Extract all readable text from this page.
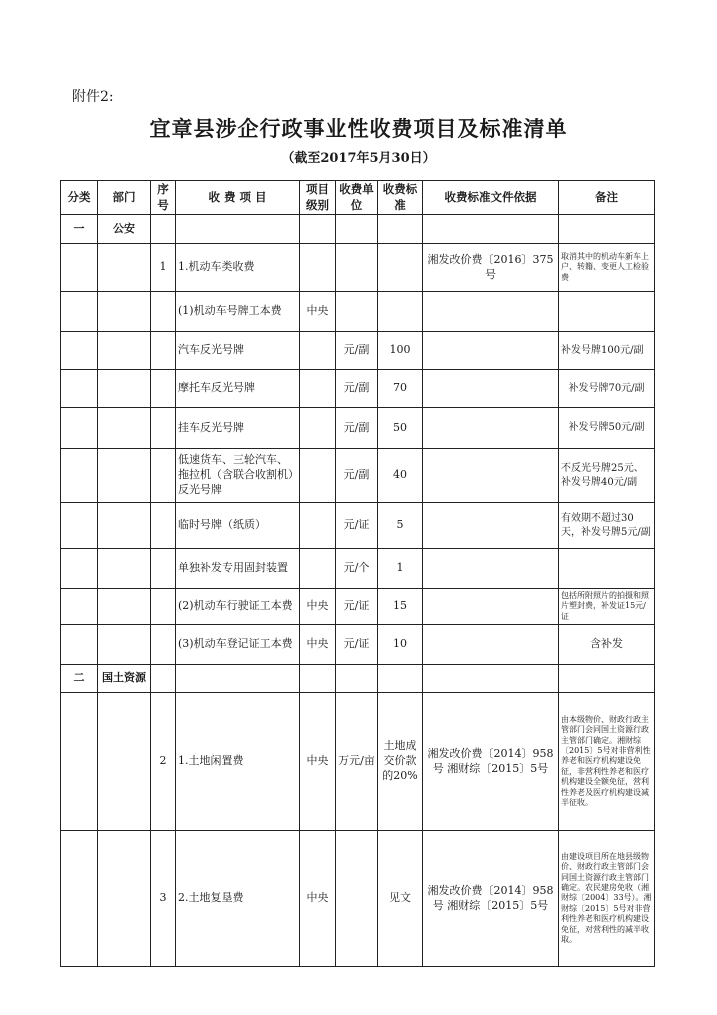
附件2:
宜章县涉企行政事业性收费项目及标准清单
（截至2017年5月30日）
分类	部门	序号	收 费 项 目	项目级别	收费单位	收费标准	收费标准文件依据	备注
一	公安							
		1	1.机动车类收费				湘发改价费〔2016〕375号	取消其中的机动车新车上户、转籍、变更人工检验费
			(1)机动车号牌工本费	中央				
			汽车反光号牌		元/副	100		补发号牌100元/副
			摩托车反光号牌		元/副	70		补发号牌70元/副
			挂车反光号牌		元/副	50		补发号牌50元/副
			低速货车、三轮汽车、拖拉机（含联合收割机）反光号牌		元/副	40		不反光号牌25元、补发号牌40元/副
			临时号牌（纸质）		元/证	5		有效期不超过30天，补发号牌5元/副
			单独补发专用固封装置		元/个	1		
			(2)机动车行驶证工本费	中央	元/证	15		包括所附照片的拍摄和照片塑封费，补发证15元/证
			(3)机动车登记证工本费	中央	元/证	10		含补发
二	国土资源							
		2	1.土地闲置费	中央	万元/亩	土地成交价款的20%	湘发改价费〔2014〕958号 湘财综〔2015〕5号	由本级物价、财政行政主管部门会同国土资源行政主管部门确定。湘财综〔2015〕5号对非营利性养老和医疗机构建设免征，非营利性养老和医疗机构建设全额免征，营利性养老及医疗机构建设减半征收。
		3	2.土地复垦费	中央		见文	湘发改价费〔2014〕958号 湘财综〔2015〕5号	由建设项目所在地县级物价、财政行政主管部门会同国土资源行政主管部门确定。农民建房免收（湘财综〔2004〕33号）。湘财综〔2015〕5号对非营利性养老和医疗机构建设免征，对营利性的减半收取。
